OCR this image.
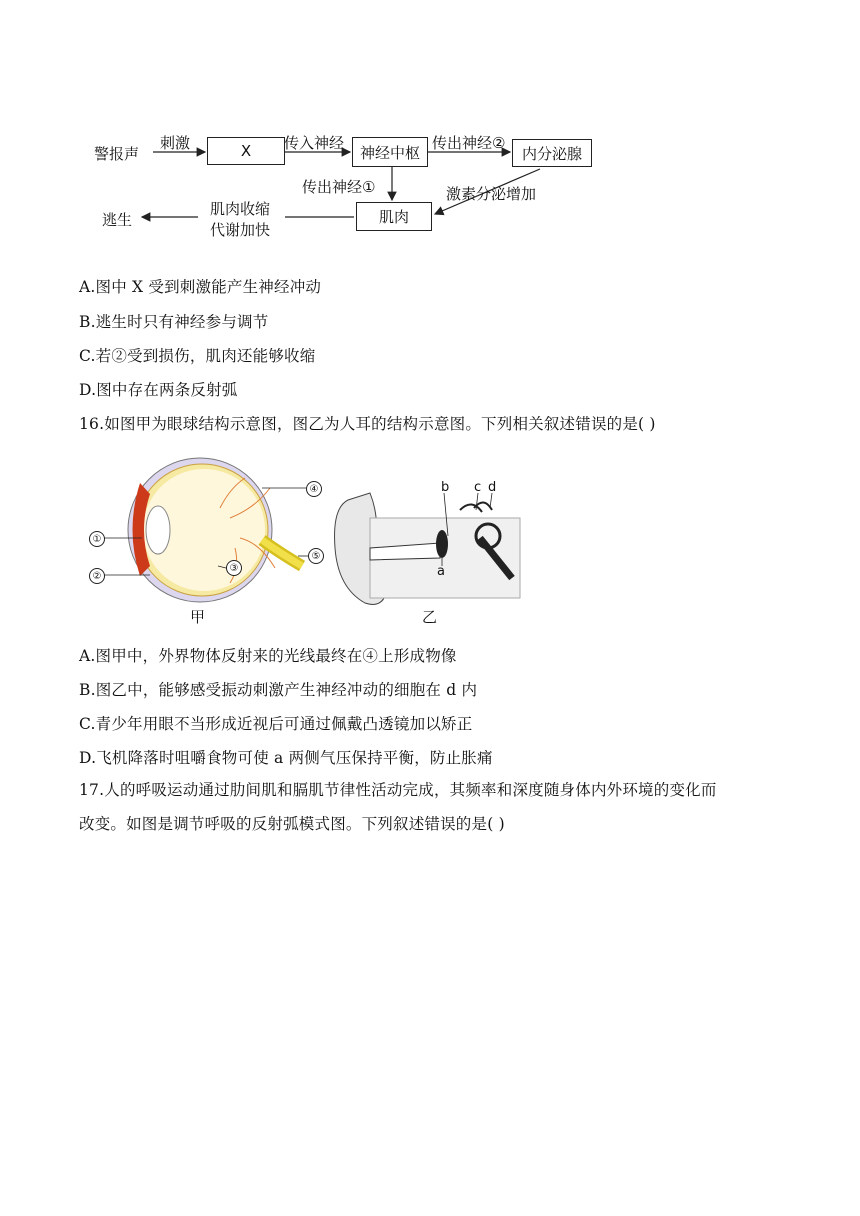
警报声
刺激	X	传入神经
神经中枢
传出神经②
内分泌腺
传出神经①	激素分泌增加
肌肉
肌肉收缩
代谢加快
逃生
A.图中 X 受到刺激能产生神经冲动
B.逃生时只有神经参与调节
C.若②受到损伤，肌肉还能够收缩
D.图中存在两条反射弧
16.如图甲为眼球结构示意图，图乙为人耳的结构示意图。下列相关叙述错误的是( )
①
②
③
④
⑤
a
b c d
甲	乙
A.图甲中，外界物体反射来的光线最终在④上形成物像
B.图乙中，能够感受振动刺激产生神经冲动的细胞在 d 内
C.青少年用眼不当形成近视后可通过佩戴凸透镜加以矫正
D.飞机降落时咀嚼食物可使 a 两侧气压保持平衡，防止胀痛
17.人的呼吸运动通过肋间肌和膈肌节律性活动完成，其频率和深度随身体内外环境的变化而
改变。如图是调节呼吸的反射弧模式图。下列叙述错误的是( )
